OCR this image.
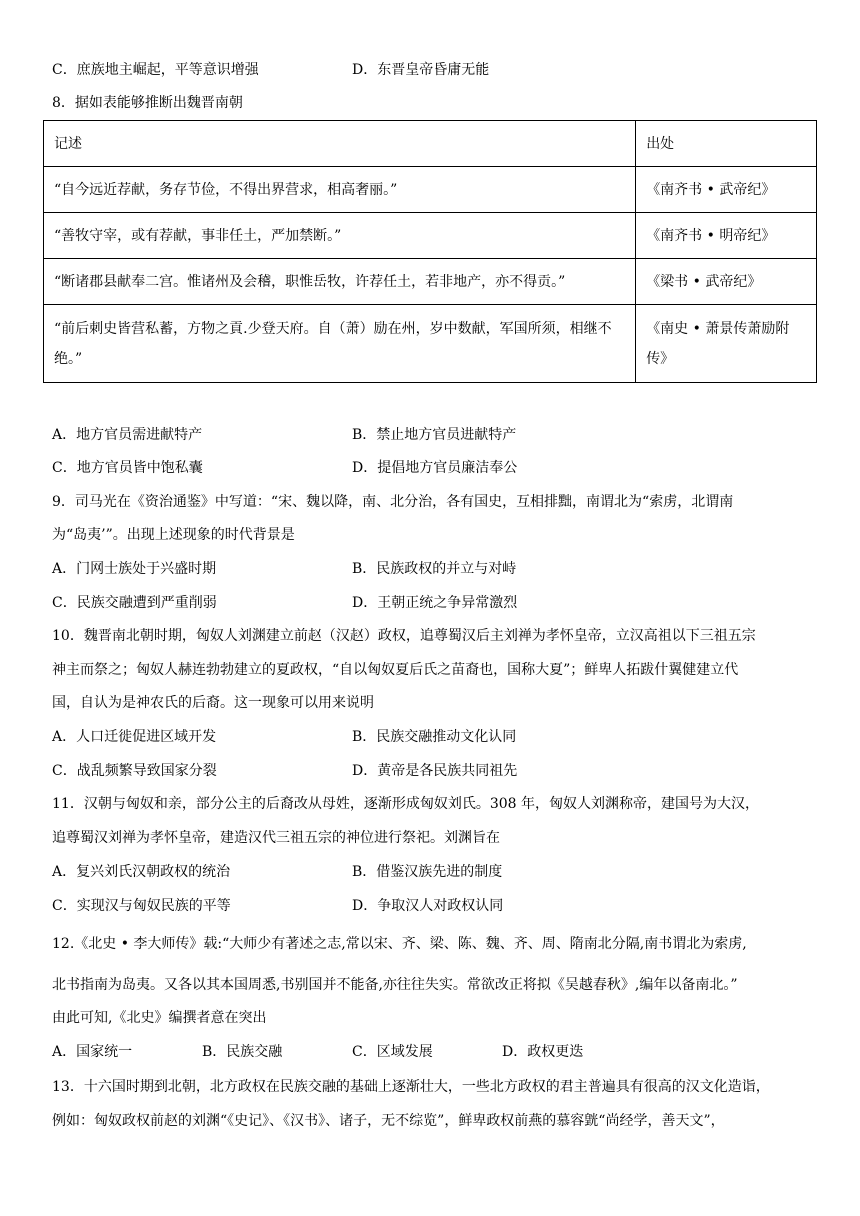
C．庶族地主崛起，平等意识增强	D．东晋皇帝昏庸无能
8．据如表能够推断出魏晋南朝
记述	出处
“自今远近荐献，务存节俭，不得出界营求，相高奢丽。”	《南齐书 • 武帝纪》
“善牧守宰，或有荐献，事非任土，严加禁断。”	《南齐书 • 明帝纪》
“断诸郡县献奉二宫。惟诸州及会稽，职惟岳牧，许荐任土，若非地产，亦不得贡。”	《梁书 • 武帝纪》
“前后刺史皆营私蓄，方物之貢.少登天府。自（萧）励在州，岁中数献，军国所须，相继不绝。”	《南史 • 萧景传萧励附传》
A．地方官员需进献特产	B．禁止地方官员进献特产
C．地方官员皆中饱私囊	D．提倡地方官员廉洁奉公
9．司马光在《资治通鉴》中写道：“宋、魏以降，南、北分治，各有国史，互相排黜，南谓北为“索虏，北谓南
为“岛夷’”。出现上述现象的时代背景是
A．门网士族处于兴盛时期	B．民族政权的并立与对峙
C．民族交融遭到严重削弱	D．王朝正统之争异常激烈
10．魏晋南北朝时期，匈奴人刘渊建立前赵（汉赵）政权，追尊蜀汉后主刘禅为孝怀皇帝，立汉高祖以下三祖五宗
神主而祭之；匈奴人赫连勃勃建立的夏政权，“自以匈奴夏后氏之苗裔也，国称大夏”；鲜卑人拓跋什翼健建立代
国，自认为是神农氏的后裔。这一现象可以用来说明
A．人口迁徙促进区域开发	B．民族交融推动文化认同
C．战乱频繁导致国家分裂	D．黄帝是各民族共同祖先
11．汉朝与匈奴和亲，部分公主的后裔改从母姓，逐渐形成匈奴刘氏。308 年，匈奴人刘渊称帝，建国号为大汉，
追尊蜀汉刘禅为孝怀皇帝，建造汉代三祖五宗的神位进行祭祀。刘渊旨在
A．复兴刘氏汉朝政权的统治	B．借鉴汉族先进的制度
C．实现汉与匈奴民族的平等	D．争取汉人对政权认同
12.《北史 • 李大师传》载:“大师少有著述之志,常以宋、齐、梁、陈、魏、齐、周、隋南北分隔,南书谓北为索虏,
北书指南为岛夷。又各以其本国周悉,书别国并不能备,亦往往失实。常欲改正将拟《吴越春秋》,编年以备南北。”
由此可知,《北史》编撰者意在突出
A．国家统一	B．民族交融	C．区域发展	D．政权更迭
13．十六国时期到北朝，北方政权在民族交融的基础上逐渐壮大，一些北方政权的君主普遍具有很高的汉文化造诣，
例如：匈奴政权前赵的刘渊“《史记》、《汉书》、诸子，无不综览”，鲜卑政权前燕的慕容皝“尚经学，善天文”，
